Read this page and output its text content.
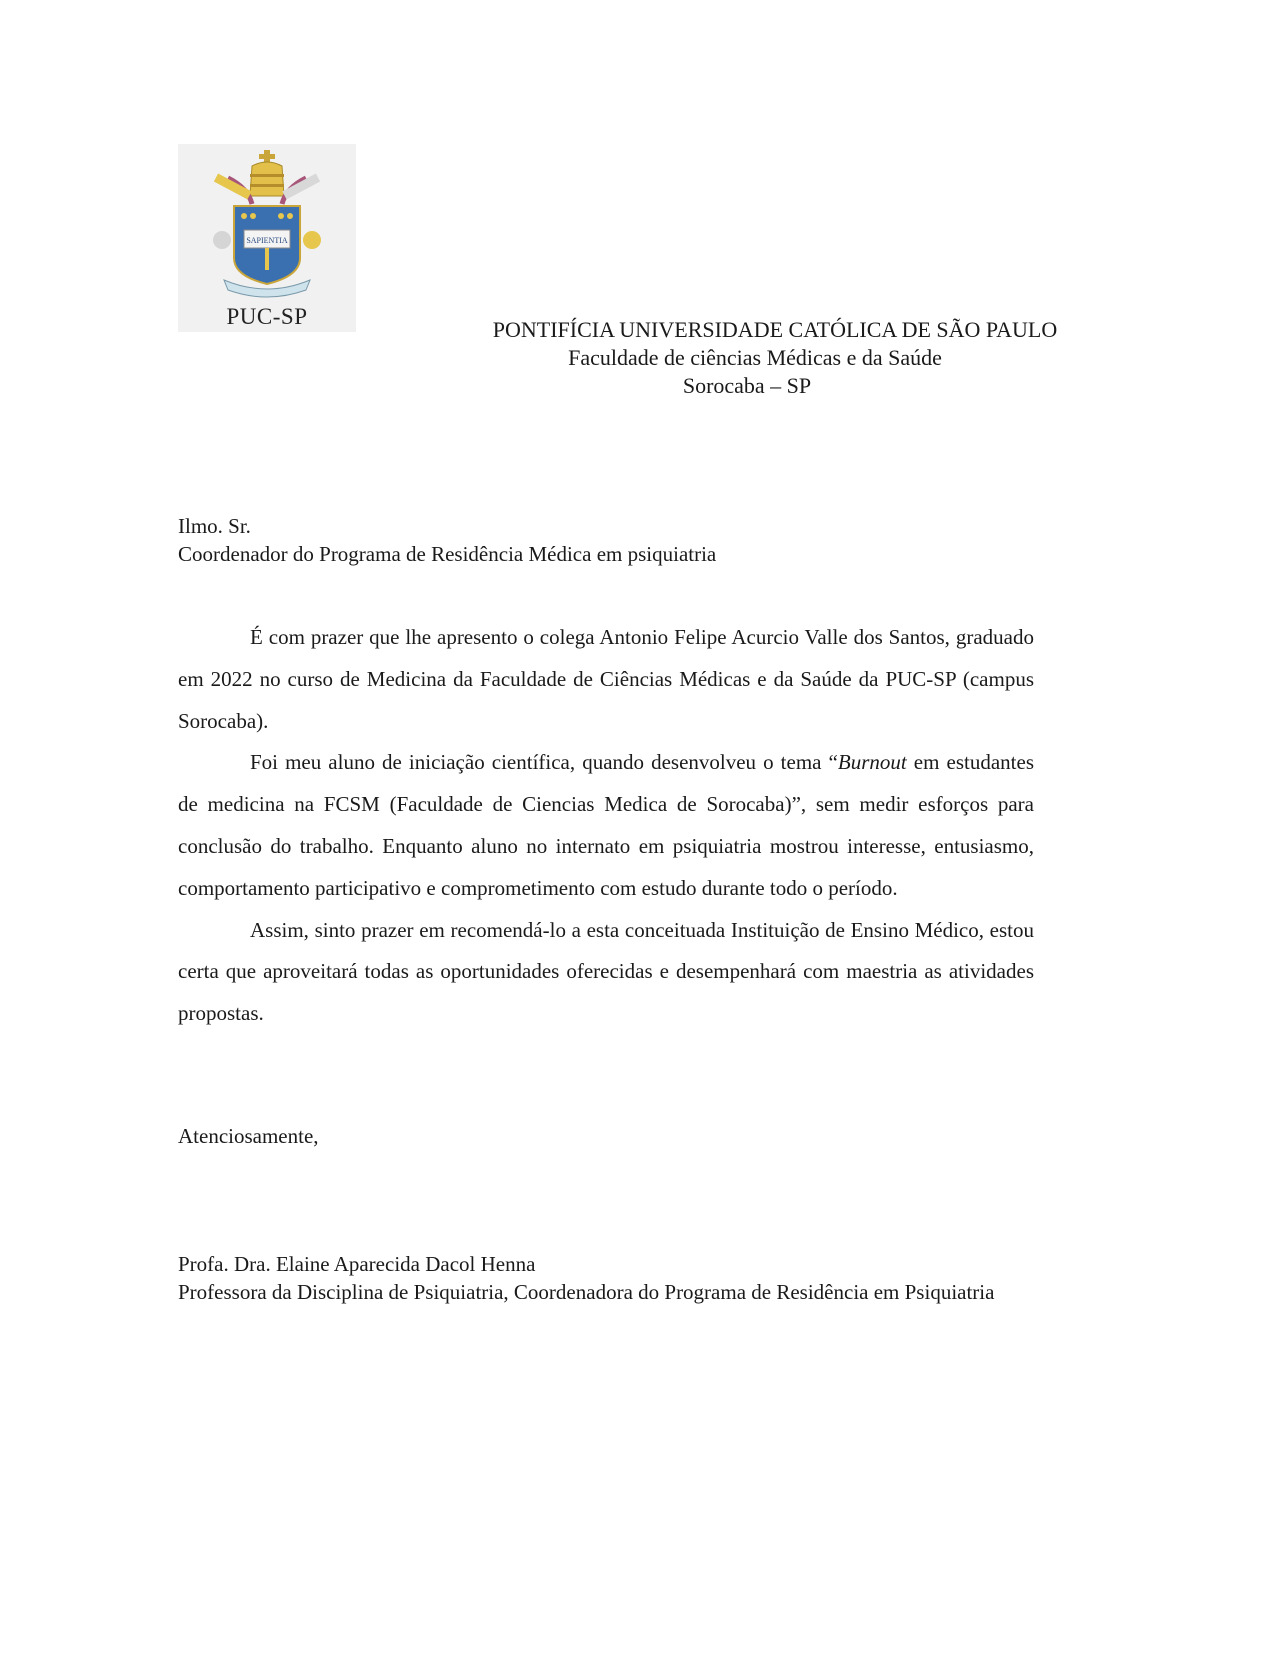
SAPIENTIA
PUC-SP
PONTIFÍCIA UNIVERSIDADE CATÓLICA DE SÃO PAULO
Faculdade de ciências Médicas e da Saúde
Sorocaba – SP
Ilmo. Sr.
Coordenador do Programa de Residência Médica em psiquiatria

É com prazer que lhe apresento o colega Antonio Felipe Acurcio Valle dos Santos, graduado em 2022 no curso de Medicina da Faculdade de Ciências Médicas e da Saúde da PUC-SP (campus Sorocaba).

Foi meu aluno de iniciação científica, quando desenvolveu o tema “Burnout em estudantes de medicina na FCSM (Faculdade de Ciencias Medica de Sorocaba)”, sem medir esforços para conclusão do trabalho. Enquanto aluno no internato em psiquiatria mostrou interesse, entusiasmo, comportamento participativo e comprometimento com estudo durante todo o período.

Assim, sinto prazer em recomendá-lo a esta conceituada Instituição de Ensino Médico, estou certa que aproveitará todas as oportunidades oferecidas e desempenhará com maestria as atividades propostas.

Atenciosamente,
Profa. Dra. Elaine Aparecida Dacol Henna
Professora da Disciplina de Psiquiatria, Coordenadora do Programa de Residência em Psiquiatria
